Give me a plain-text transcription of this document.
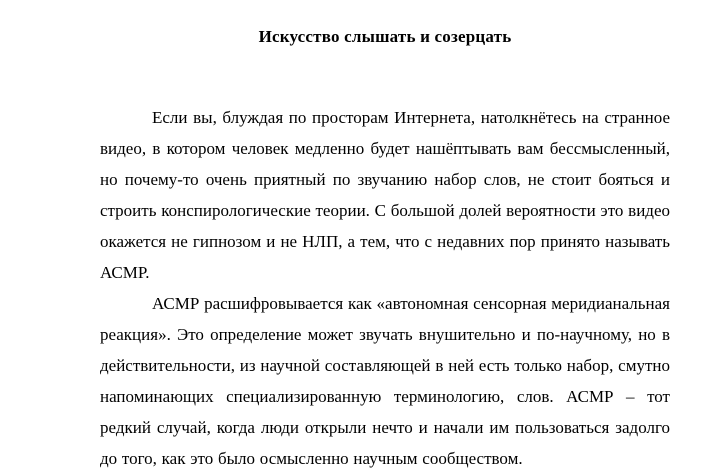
Искусство слышать и созерцать

Если вы, блуждая по просторам Интернета, натолкнётесь на странное видео, в котором человек медленно будет нашёптывать вам бессмысленный, но почему-то очень приятный по звучанию набор слов, не стоит бояться и строить конспирологические теории. С большой долей вероятности это видео окажется не гипнозом и не НЛП, а тем, что с недавних пор принято называть АСМР.

АСМР расшифровывается как «автономная сенсорная меридианальная реакция». Это определение может звучать внушительно и по-научному, но в действительности, из научной составляющей в ней есть только набор, смутно напоминающих специализированную терминологию, слов. АСМР – тот редкий случай, когда люди открыли нечто и начали им пользоваться задолго до того, как это было осмысленно научным сообществом.
